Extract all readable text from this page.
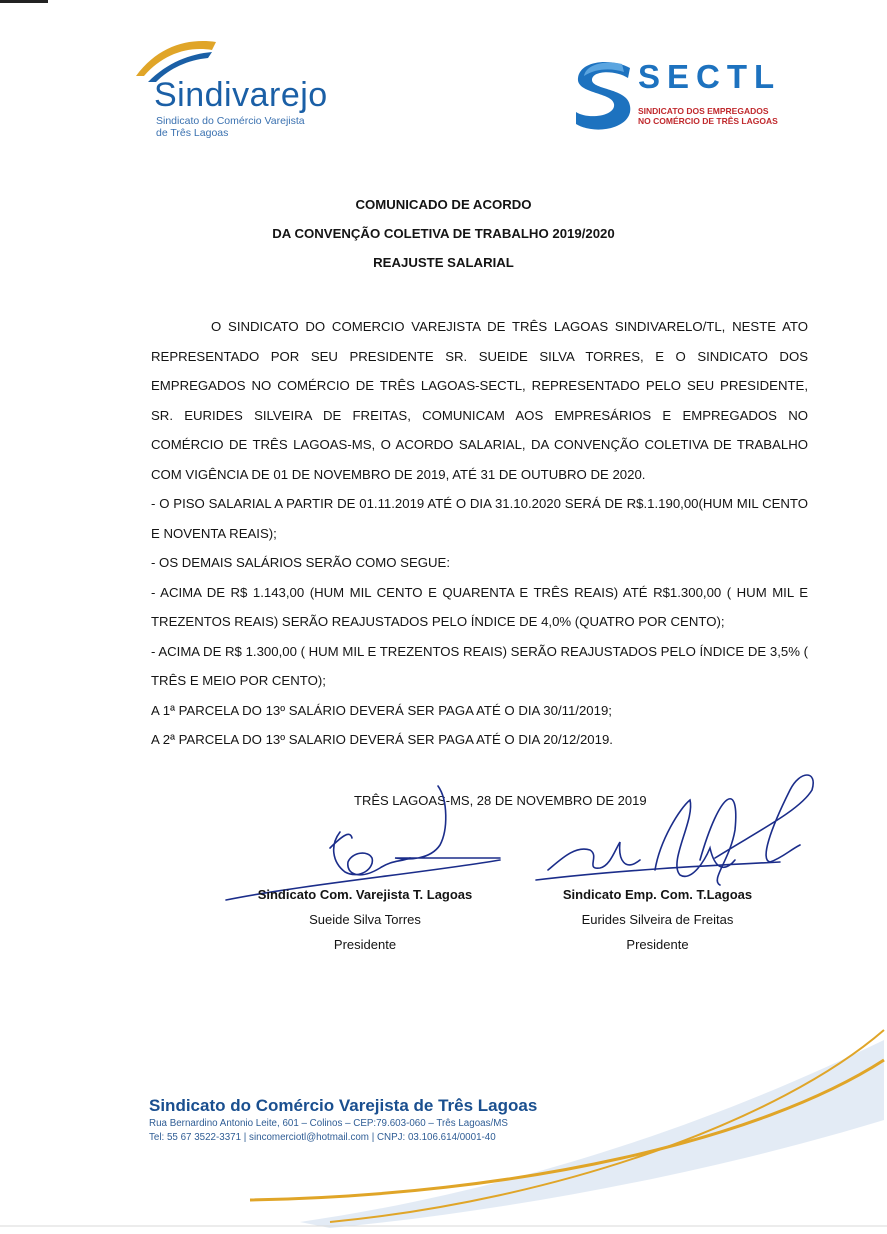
Sindivarejo
Sindicato do Comércio Varejista
de Três Lagoas
SECTL
SINDICATO DOS EMPREGADOS
NO COMÉRCIO DE TRÊS LAGOAS
COMUNICADO DE ACORDO
DA CONVENÇÃO COLETIVA DE TRABALHO 2019/2020
REAJUSTE SALARIAL

O SINDICATO DO COMERCIO VAREJISTA DE TRÊS LAGOAS SINDIVARELO/TL, NESTE ATO REPRESENTADO POR SEU PRESIDENTE SR. SUEIDE SILVA TORRES, E O SINDICATO DOS EMPREGADOS NO COMÉRCIO DE TRÊS LAGOAS-SECTL, REPRESENTADO PELO SEU PRESIDENTE, SR. EURIDES SILVEIRA DE FREITAS, COMUNICAM AOS EMPRESÁRIOS E EMPREGADOS NO COMÉRCIO DE TRÊS LAGOAS-MS, O ACORDO SALARIAL, DA CONVENÇÃO COLETIVA DE TRABALHO COM VIGÊNCIA DE 01 DE NOVEMBRO DE 2019, ATÉ 31 DE OUTUBRO DE 2020.

- O PISO SALARIAL A PARTIR DE 01.11.2019 ATÉ O DIA 31.10.2020 SERÁ DE R$.1.190,00(HUM MIL CENTO E NOVENTA REAIS);

- OS DEMAIS SALÁRIOS SERÃO COMO SEGUE:

- ACIMA DE R$ 1.143,00 (HUM MIL CENTO E QUARENTA E TRÊS REAIS) ATÉ R$1.300,00 ( HUM MIL E TREZENTOS REAIS) SERÃO REAJUSTADOS PELO ÍNDICE DE 4,0% (QUATRO POR CENTO);

- ACIMA DE R$ 1.300,00 ( HUM MIL E TREZENTOS REAIS) SERÃO REAJUSTADOS PELO ÍNDICE DE 3,5% ( TRÊS E MEIO POR CENTO);

A 1ª PARCELA DO 13º SALÁRIO DEVERÁ SER PAGA ATÉ O DIA 30/11/2019;

A 2ª PARCELA DO 13º SALARIO DEVERÁ SER PAGA ATÉ O DIA 20/12/2019.

TRÊS LAGOAS-MS, 28 DE NOVEMBRO DE 2019
Sindicato Com. Varejista T. Lagoas
Sueide Silva Torres
Presidente
Sindicato Emp. Com. T.Lagoas
Eurides Silveira de Freitas
Presidente
Sindicato do Comércio Varejista de Três Lagoas
Rua Bernardino Antonio Leite, 601 – Colinos – CEP:79.603-060 – Três Lagoas/MS
Tel: 55 67 3522-3371 | sincomerciotl@hotmail.com | CNPJ: 03.106.614/0001-40
